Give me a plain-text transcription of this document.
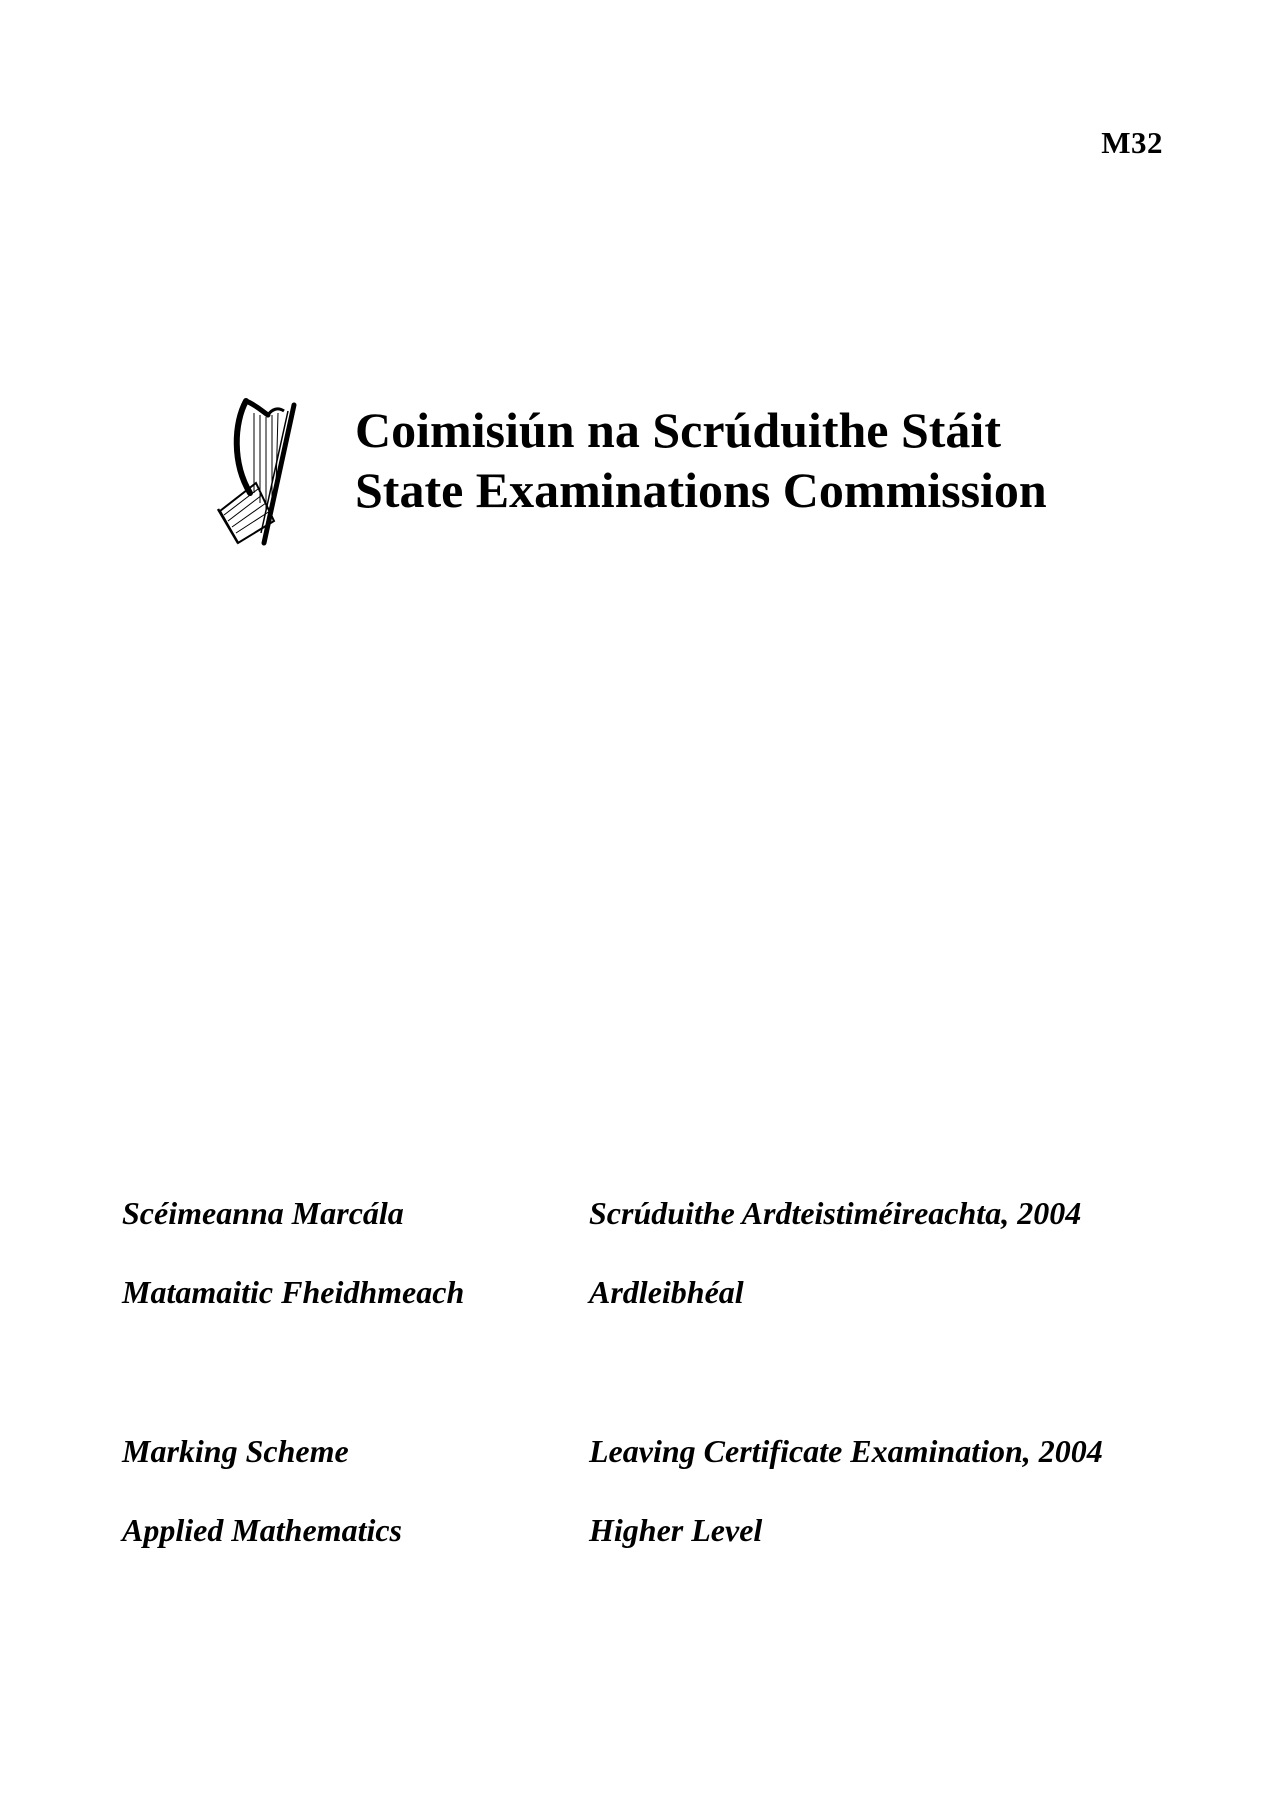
M32
Coimisiún na Scrúduithe Stáit
State Examinations Commission
Scéimeanna Marcála	Scrúduithe Ardteistiméireachta, 2004
Matamaitic Fheidhmeach	Ardleibhéal
Marking Scheme	Leaving Certificate Examination, 2004
Applied Mathematics	Higher Level
